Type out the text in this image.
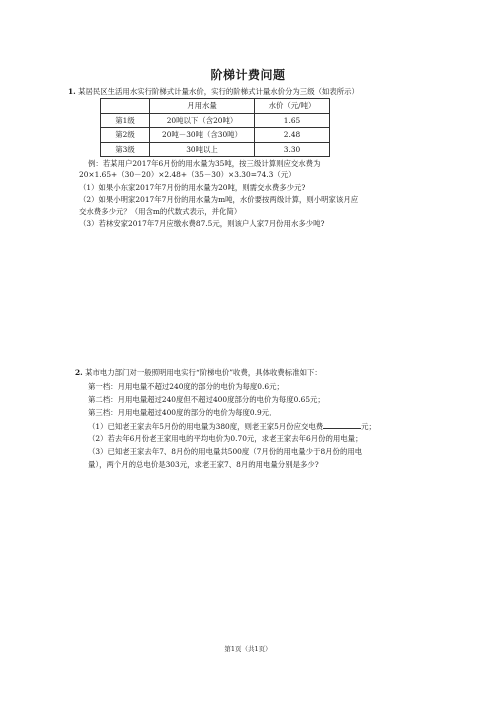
阶梯计费问题
1. 某居民区生活用水实行阶梯式计量水价，实行的阶梯式计量水价分为三级（如表所示）
	月用水量	水价（元/吨）
第1级	20吨以下（含20吨）	1.65
第2级	20吨－30吨（含30吨）	2.48
第3级	30吨以上	3.30
例：若某用户2017年6月份的用水量为35吨，按三级计算则应交水费为
20×1.65+（30－20）×2.48+（35－30）×3.30=74.3（元）
（1）如果小东家2017年7月份的用水量为20吨，则需交水费多少元?
（2）如果小明家2017年7月份的用水量为m吨，水价要按两级计算，则小明家该月应
交水费多少元？（用含m的代数式表示，并化简）
（3）若林安家2017年7月应缴水费87.5元，则该户人家7月份用水多少吨?
2. 某市电力部门对一般照明用电实行“阶梯电价”收费，具体收费标准如下：
第一档：月用电量不超过240度的部分的电价为每度0.6元；
第二档：月用电量超过240度但不超过400度部分的电价为每度0.65元；
第三档：月用电量超过400度的部分的电价为每度0.9元．
（1）已知老王家去年5月份的用电量为380度，则老王家5月份应交电费	元；
（2）若去年6月份老王家用电的平均电价为0.70元，求老王家去年6月份的用电量；
（3）已知老王家去年7、8月份的用电量共500度（7月份的用电量少于8月份的用电
量），两个月的总电价是303元，求老王家7、8月的用电量分别是多少?
第1页（共1页）
